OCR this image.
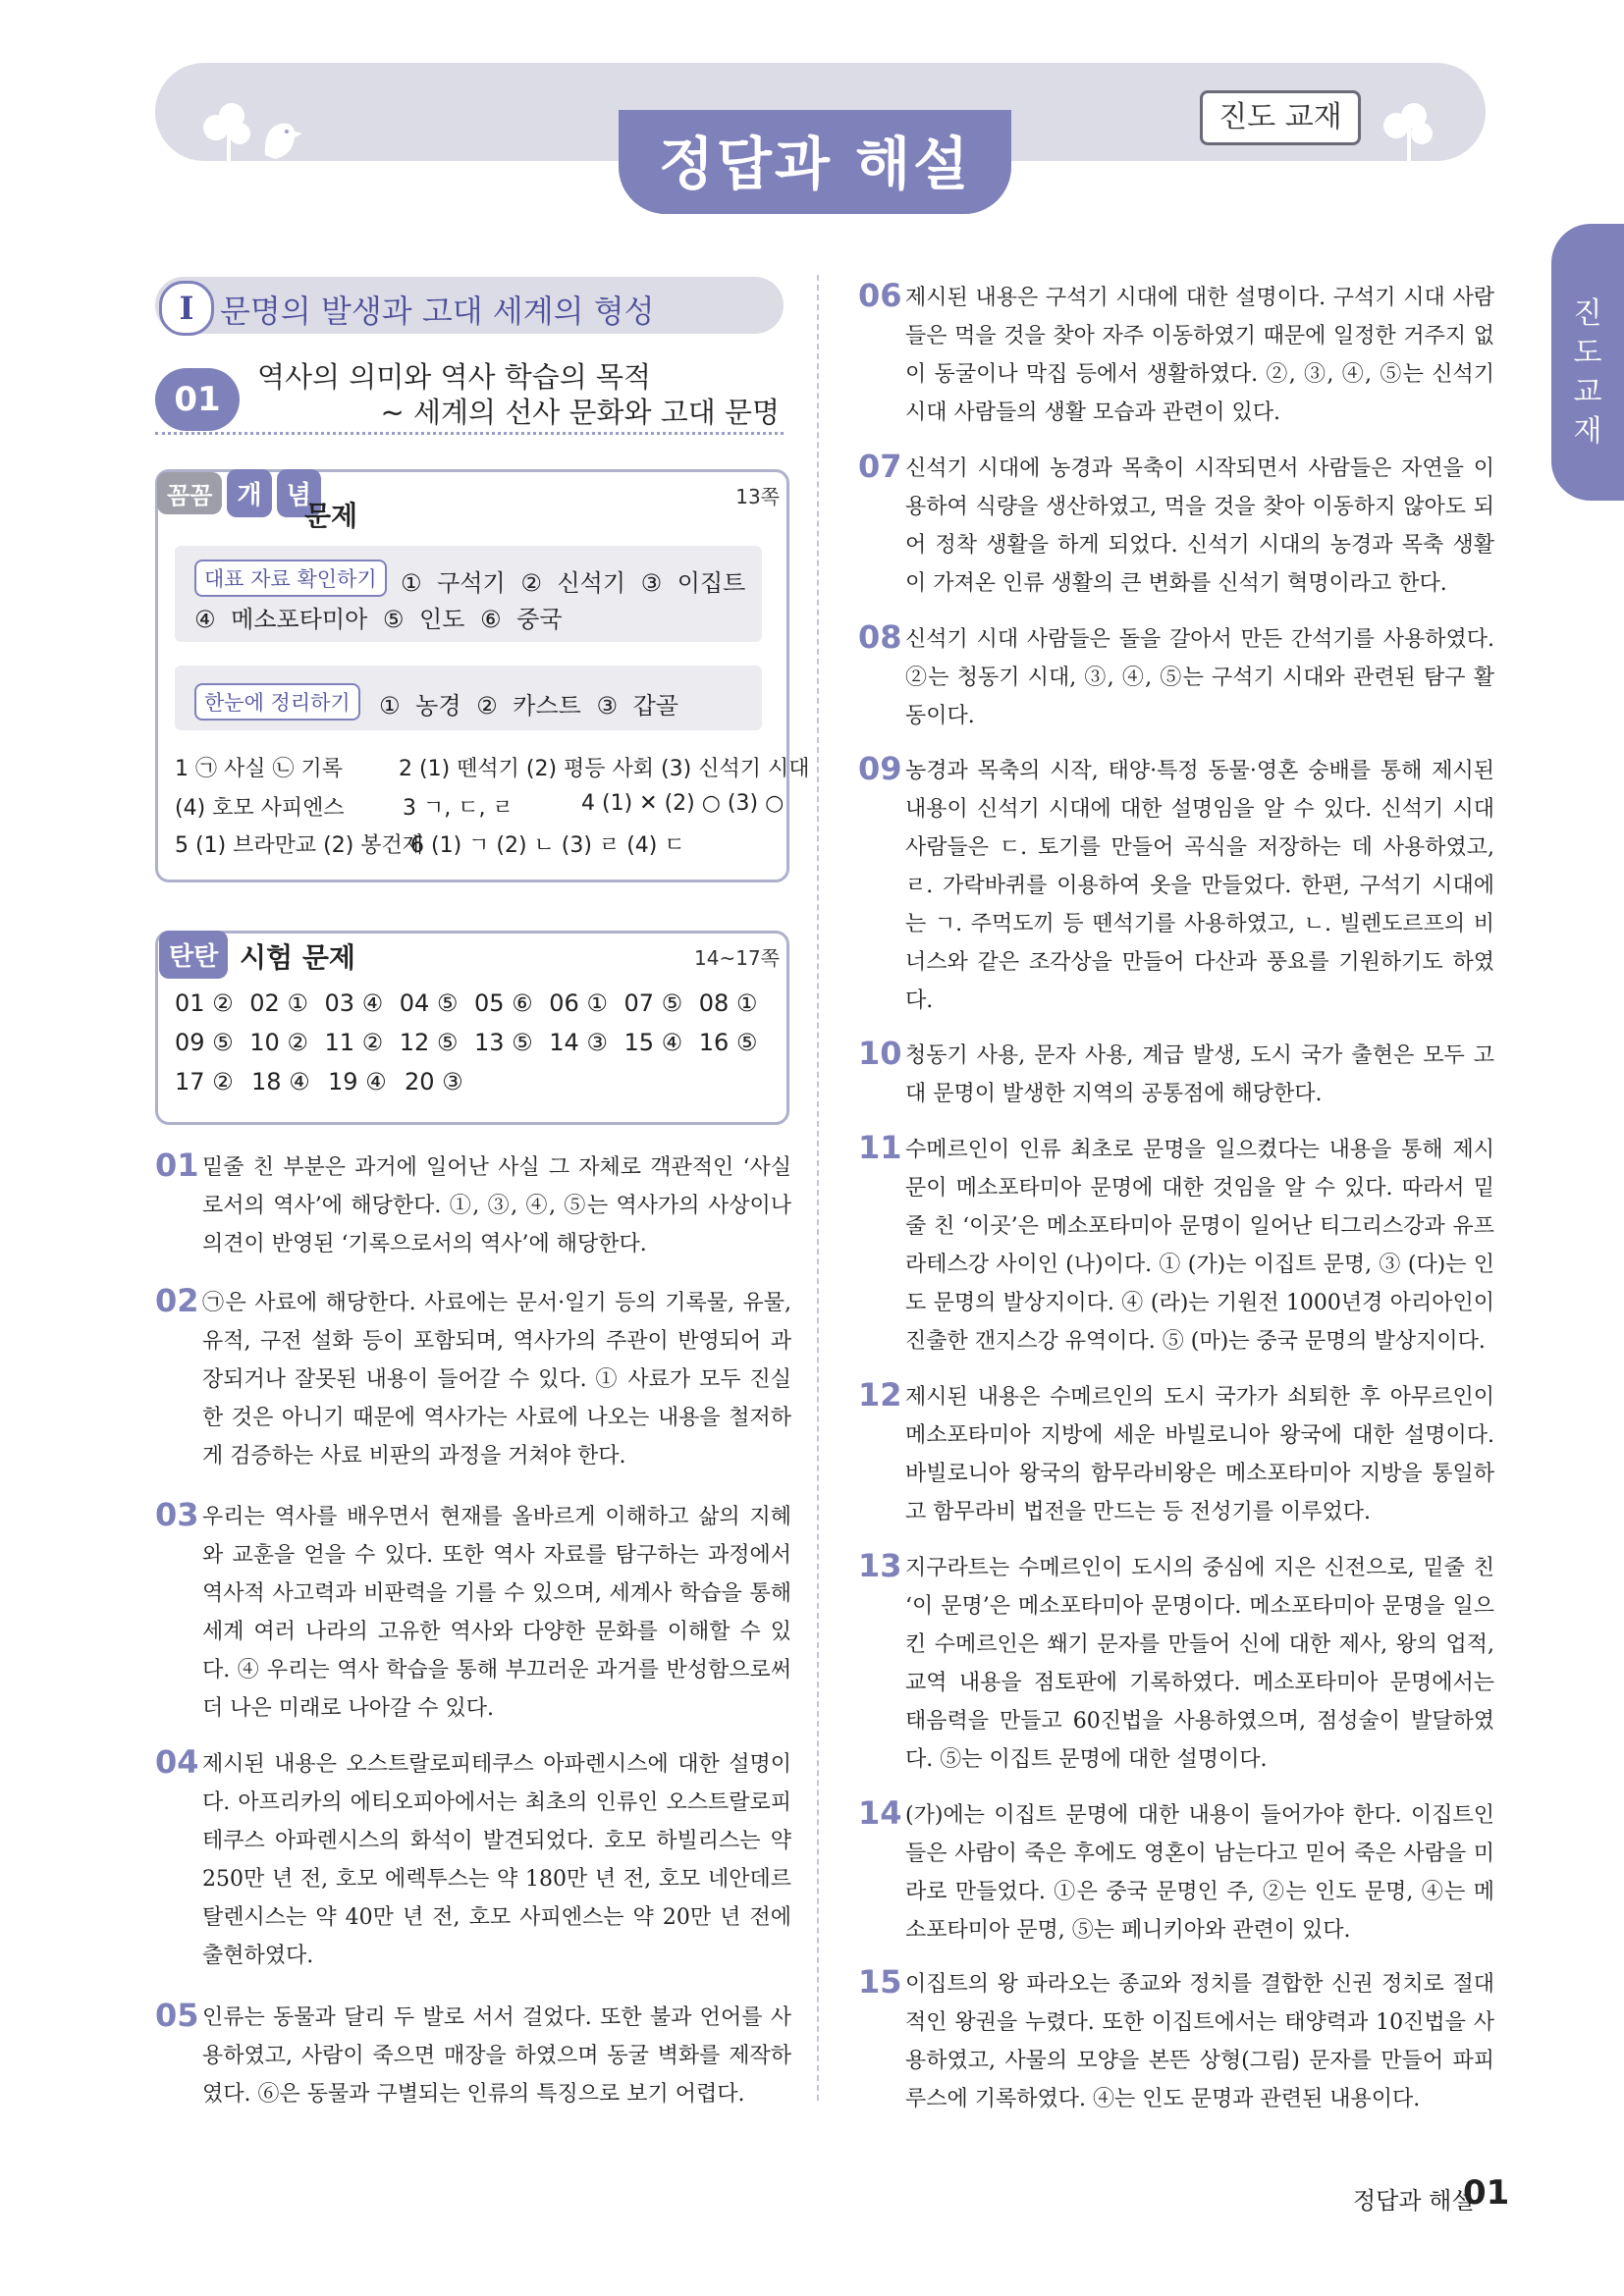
정답과 해설
진도 교재
진
도
교
재
I 문명의 발생과 고대 세계의 형성
01
역사의 의미와 역사 학습의 목적
~ 세계의 선사 문화와 고대 문명
꼼꼼 개 념
문제
13쪽
대표 자료 확인하기	① 구석기 ② 신석기 ③ 이집트
④ 메소포타미아 ⑤ 인도 ⑥ 중국
한눈에 정리하기	① 농경 ② 카스트 ③ 갑골
1 ㉠ 사실 ㉡ 기록	2 (1) 뗀석기 (2) 평등 사회 (3) 신석기 시대
(4) 호모 사피엔스	3 ㄱ, ㄷ, ㄹ	4 (1) ✕ (2) ○ (3) ○
5 (1) 브라만교 (2) 봉건제
6 (1) ㄱ (2) ㄴ (3) ㄹ (4) ㄷ
탄탄 시험 문제	14~17쪽
01 ② 02 ① 03 ④ 04 ⑤ 05 ⑥ 06 ① 07 ⑤ 08 ①
09 ⑤ 10 ② 11 ② 12 ⑤ 13 ⑤ 14 ③ 15 ④ 16 ⑤
17 ② 18 ④ 19 ④ 20 ③
01 밑줄 친 부분은 과거에 일어난 사실 그 자체로 객관적인 ‘사실로서의 역사’에 해당한다. ①, ③, ④, ⑤는 역사가의 사상이나 의견이 반영된 ‘기록으로서의 역사’에 해당한다.
02 ㉠은 사료에 해당한다. 사료에는 문서·일기 등의 기록물, 유물, 유적, 구전 설화 등이 포함되며, 역사가의 주관이 반영되어 과장되거나 잘못된 내용이 들어갈 수 있다. ① 사료가 모두 진실한 것은 아니기 때문에 역사가는 사료에 나오는 내용을 철저하게 검증하는 사료 비판의 과정을 거쳐야 한다.
03 우리는 역사를 배우면서 현재를 올바르게 이해하고 삶의 지혜와 교훈을 얻을 수 있다. 또한 역사 자료를 탐구하는 과정에서 역사적 사고력과 비판력을 기를 수 있으며, 세계사 학습을 통해 세계 여러 나라의 고유한 역사와 다양한 문화를 이해할 수 있다. ④ 우리는 역사 학습을 통해 부끄러운 과거를 반성함으로써 더 나은 미래로 나아갈 수 있다.
04 제시된 내용은 오스트랄로피테쿠스 아파렌시스에 대한 설명이다. 아프리카의 에티오피아에서는 최초의 인류인 오스트랄로피테쿠스 아파렌시스의 화석이 발견되었다. 호모 하빌리스는 약 250만 년 전, 호모 에렉투스는 약 180만 년 전, 호모 네안데르탈렌시스는 약 40만 년 전, 호모 사피엔스는 약 20만 년 전에 출현하였다.
05 인류는 동물과 달리 두 발로 서서 걸었다. 또한 불과 언어를 사용하였고, 사람이 죽으면 매장을 하였으며 동굴 벽화를 제작하였다. ⑥은 동물과 구별되는 인류의 특징으로 보기 어렵다.
06 제시된 내용은 구석기 시대에 대한 설명이다. 구석기 시대 사람들은 먹을 것을 찾아 자주 이동하였기 때문에 일정한 거주지 없이 동굴이나 막집 등에서 생활하였다. ②, ③, ④, ⑤는 신석기 시대 사람들의 생활 모습과 관련이 있다.
07 신석기 시대에 농경과 목축이 시작되면서 사람들은 자연을 이용하여 식량을 생산하였고, 먹을 것을 찾아 이동하지 않아도 되어 정착 생활을 하게 되었다. 신석기 시대의 농경과 목축 생활이 가져온 인류 생활의 큰 변화를 신석기 혁명이라고 한다.
08 신석기 시대 사람들은 돌을 갈아서 만든 간석기를 사용하였다. ②는 청동기 시대, ③, ④, ⑤는 구석기 시대와 관련된 탐구 활동이다.
09 농경과 목축의 시작, 태양·특정 동물·영혼 숭배를 통해 제시된 내용이 신석기 시대에 대한 설명임을 알 수 있다. 신석기 시대 사람들은 ㄷ. 토기를 만들어 곡식을 저장하는 데 사용하였고, ㄹ. 가락바퀴를 이용하여 옷을 만들었다. 한편, 구석기 시대에는 ㄱ. 주먹도끼 등 뗀석기를 사용하였고, ㄴ. 빌렌도르프의 비너스와 같은 조각상을 만들어 다산과 풍요를 기원하기도 하였다.
10 청동기 사용, 문자 사용, 계급 발생, 도시 국가 출현은 모두 고대 문명이 발생한 지역의 공통점에 해당한다.
11 수메르인이 인류 최초로 문명을 일으켰다는 내용을 통해 제시문이 메소포타미아 문명에 대한 것임을 알 수 있다. 따라서 밑줄 친 ‘이곳’은 메소포타미아 문명이 일어난 티그리스강과 유프라테스강 사이인 (나)이다. ① (가)는 이집트 문명, ③ (다)는 인도 문명의 발상지이다. ④ (라)는 기원전 1000년경 아리아인이 진출한 갠지스강 유역이다. ⑤ (마)는 중국 문명의 발상지이다.
12 제시된 내용은 수메르인의 도시 국가가 쇠퇴한 후 아무르인이 메소포타미아 지방에 세운 바빌로니아 왕국에 대한 설명이다. 바빌로니아 왕국의 함무라비왕은 메소포타미아 지방을 통일하고 함무라비 법전을 만드는 등 전성기를 이루었다.
13 지구라트는 수메르인이 도시의 중심에 지은 신전으로, 밑줄 친 ‘이 문명’은 메소포타미아 문명이다. 메소포타미아 문명을 일으킨 수메르인은 쐐기 문자를 만들어 신에 대한 제사, 왕의 업적, 교역 내용을 점토판에 기록하였다. 메소포타미아 문명에서는 태음력을 만들고 60진법을 사용하였으며, 점성술이 발달하였다. ⑤는 이집트 문명에 대한 설명이다.
14 (가)에는 이집트 문명에 대한 내용이 들어가야 한다. 이집트인들은 사람이 죽은 후에도 영혼이 남는다고 믿어 죽은 사람을 미라로 만들었다. ①은 중국 문명인 주, ②는 인도 문명, ④는 메소포타미아 문명, ⑤는 페니키아와 관련이 있다.
15 이집트의 왕 파라오는 종교와 정치를 결합한 신권 정치로 절대적인 왕권을 누렸다. 또한 이집트에서는 태양력과 10진법을 사용하였고, 사물의 모양을 본뜬 상형(그림) 문자를 만들어 파피루스에 기록하였다. ④는 인도 문명과 관련된 내용이다.
정답과 해설
01
